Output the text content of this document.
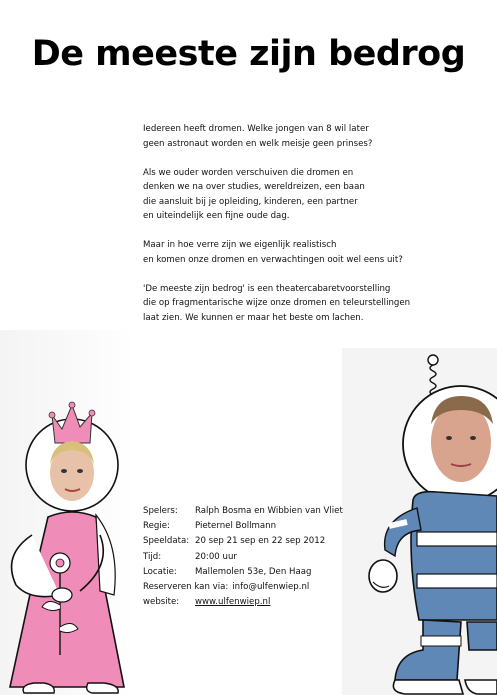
De meeste zijn bedrog

Iedereen heeft dromen. Welke jongen van 8 wil later
geen astronaut worden en welk meisje geen prinses?

Als we ouder worden verschuiven die dromen en
denken we na over studies, wereldreizen, een baan
die aansluit bij je opleiding, kinderen, een partner
en uiteindelijk een fijne oude dag.

Maar in hoe verre zijn we eigenlijk realistisch
en komen onze dromen en verwachtingen ooit wel eens uit?

'De meeste zijn bedrog' is een theatercabaretvoorstelling
die op fragmentarische wijze onze dromen en teleurstellingen
laat zien. We kunnen er maar het beste om lachen.

Spelers:	Ralph Bosma en Wibbien van Vliet
Regie:	Pieternel Bollmann
Speeldata: 20 sep 21 sep en 22 sep 2012
Tijd:	20:00 uur
Locatie:	Mallemolen 53e, Den Haag
Reserveren kan via: info@ulfenwiep.nl
website:	www.ulfenwiep.nl
